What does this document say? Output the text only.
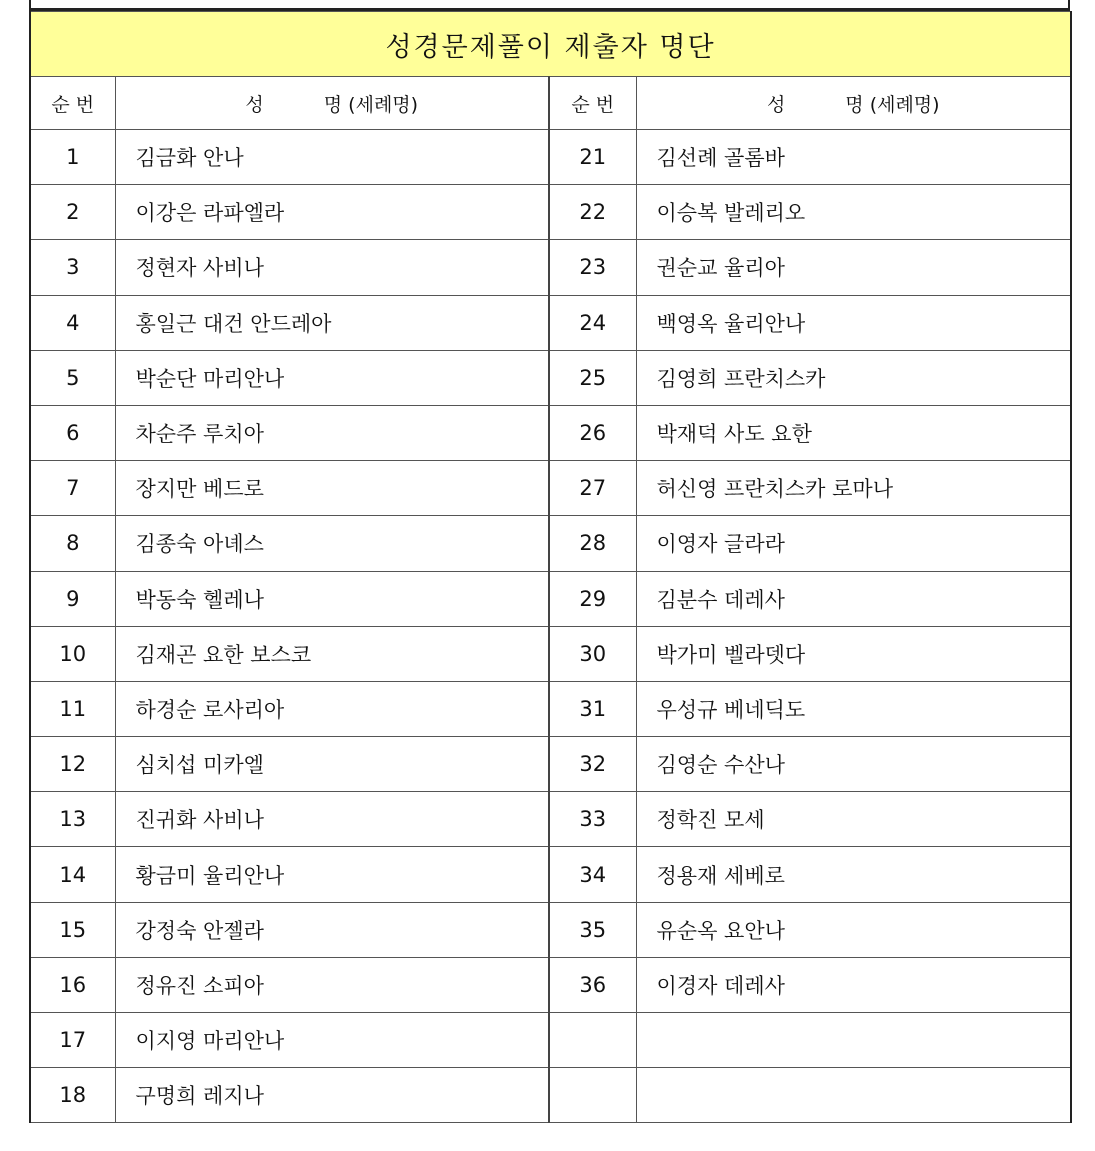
성경문제풀이 제출자 명단			
순 번	성 명 (세례명)	순 번	성 명 (세례명)
1	김금화 안나	21	김선례 골롬바
2	이강은 라파엘라	22	이승복 발레리오
3	정현자 사비나	23	권순교 율리아
4	홍일근 대건 안드레아	24	백영옥 율리안나
5	박순단 마리안나	25	김영희 프란치스카
6	차순주 루치아	26	박재덕 사도 요한
7	장지만 베드로	27	허신영 프란치스카 로마나
8	김종숙 아녜스	28	이영자 글라라
9	박동숙 헬레나	29	김분수 데레사
10	김재곤 요한 보스코	30	박가미 벨라뎃다
11	하경순 로사리아	31	우성규 베네딕도
12	심치섭 미카엘	32	김영순 수산나
13	진귀화 사비나	33	정학진 모세
14	황금미 율리안나	34	정용재 세베로
15	강정숙 안젤라	35	유순옥 요안나
16	정유진 소피아	36	이경자 데레사
17	이지영 마리안나		
18	구명희 레지나		
